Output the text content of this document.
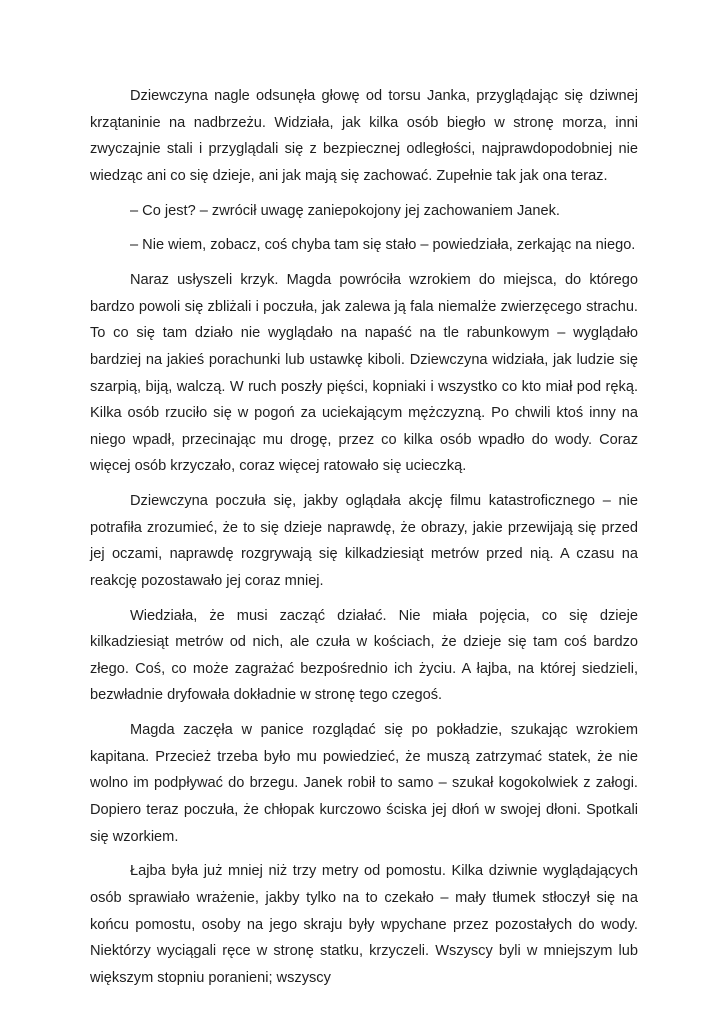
Dziewczyna nagle odsunęła głowę od torsu Janka, przyglądając się dziwnej krzątaninie na nadbrzeżu. Widziała, jak kilka osób biegło w stronę morza, inni zwyczajnie stali i przyglądali się z bezpiecznej odległości, najprawdopodobniej nie wiedząc ani co się dzieje, ani jak mają się zachować. Zupełnie tak jak ona teraz.

– Co jest? – zwrócił uwagę zaniepokojony jej zachowaniem Janek.

– Nie wiem, zobacz, coś chyba tam się stało – powiedziała, zerkając na niego.

Naraz usłyszeli krzyk. Magda powróciła wzrokiem do miejsca, do którego bardzo powoli się zbliżali i poczuła, jak zalewa ją fala niemalże zwierzęcego strachu. To co się tam działo nie wyglądało na napaść na tle rabunkowym – wyglądało bardziej na jakieś porachunki lub ustawkę kiboli. Dziewczyna widziała, jak ludzie się szarpią, biją, walczą. W ruch poszły pięści, kopniaki i wszystko co kto miał pod ręką. Kilka osób rzuciło się w pogoń za uciekającym mężczyzną. Po chwili ktoś inny na niego wpadł, przecinając mu drogę, przez co kilka osób wpadło do wody. Coraz więcej osób krzyczało, coraz więcej ratowało się ucieczką.

Dziewczyna poczuła się, jakby oglądała akcję filmu katastroficznego – nie potrafiła zrozumieć, że to się dzieje naprawdę, że obrazy, jakie przewijają się przed jej oczami, naprawdę rozgrywają się kilkadziesiąt metrów przed nią. A czasu na reakcję pozostawało jej coraz mniej.

Wiedziała, że musi zacząć działać. Nie miała pojęcia, co się dzieje kilkadziesiąt metrów od nich, ale czuła w kościach, że dzieje się tam coś bardzo złego. Coś, co może zagrażać bezpośrednio ich życiu. A łajba, na której siedzieli, bezwładnie dryfowała dokładnie w stronę tego czegoś.

Magda zaczęła w panice rozglądać się po pokładzie, szukając wzrokiem kapitana. Przecież trzeba było mu powiedzieć, że muszą zatrzymać statek, że nie wolno im podpływać do brzegu. Janek robił to samo – szukał kogokolwiek z załogi. Dopiero teraz poczuła, że chłopak kurczowo ściska jej dłoń w swojej dłoni. Spotkali się wzorkiem.

Łajba była już mniej niż trzy metry od pomostu. Kilka dziwnie wyglądających osób sprawiało wrażenie, jakby tylko na to czekało – mały tłumek stłoczył się na końcu pomostu, osoby na jego skraju były wpychane przez pozostałych do wody. Niektórzy wyciągali ręce w stronę statku, krzyczeli. Wszyscy byli w mniejszym lub większym stopniu poranieni; wszyscy
